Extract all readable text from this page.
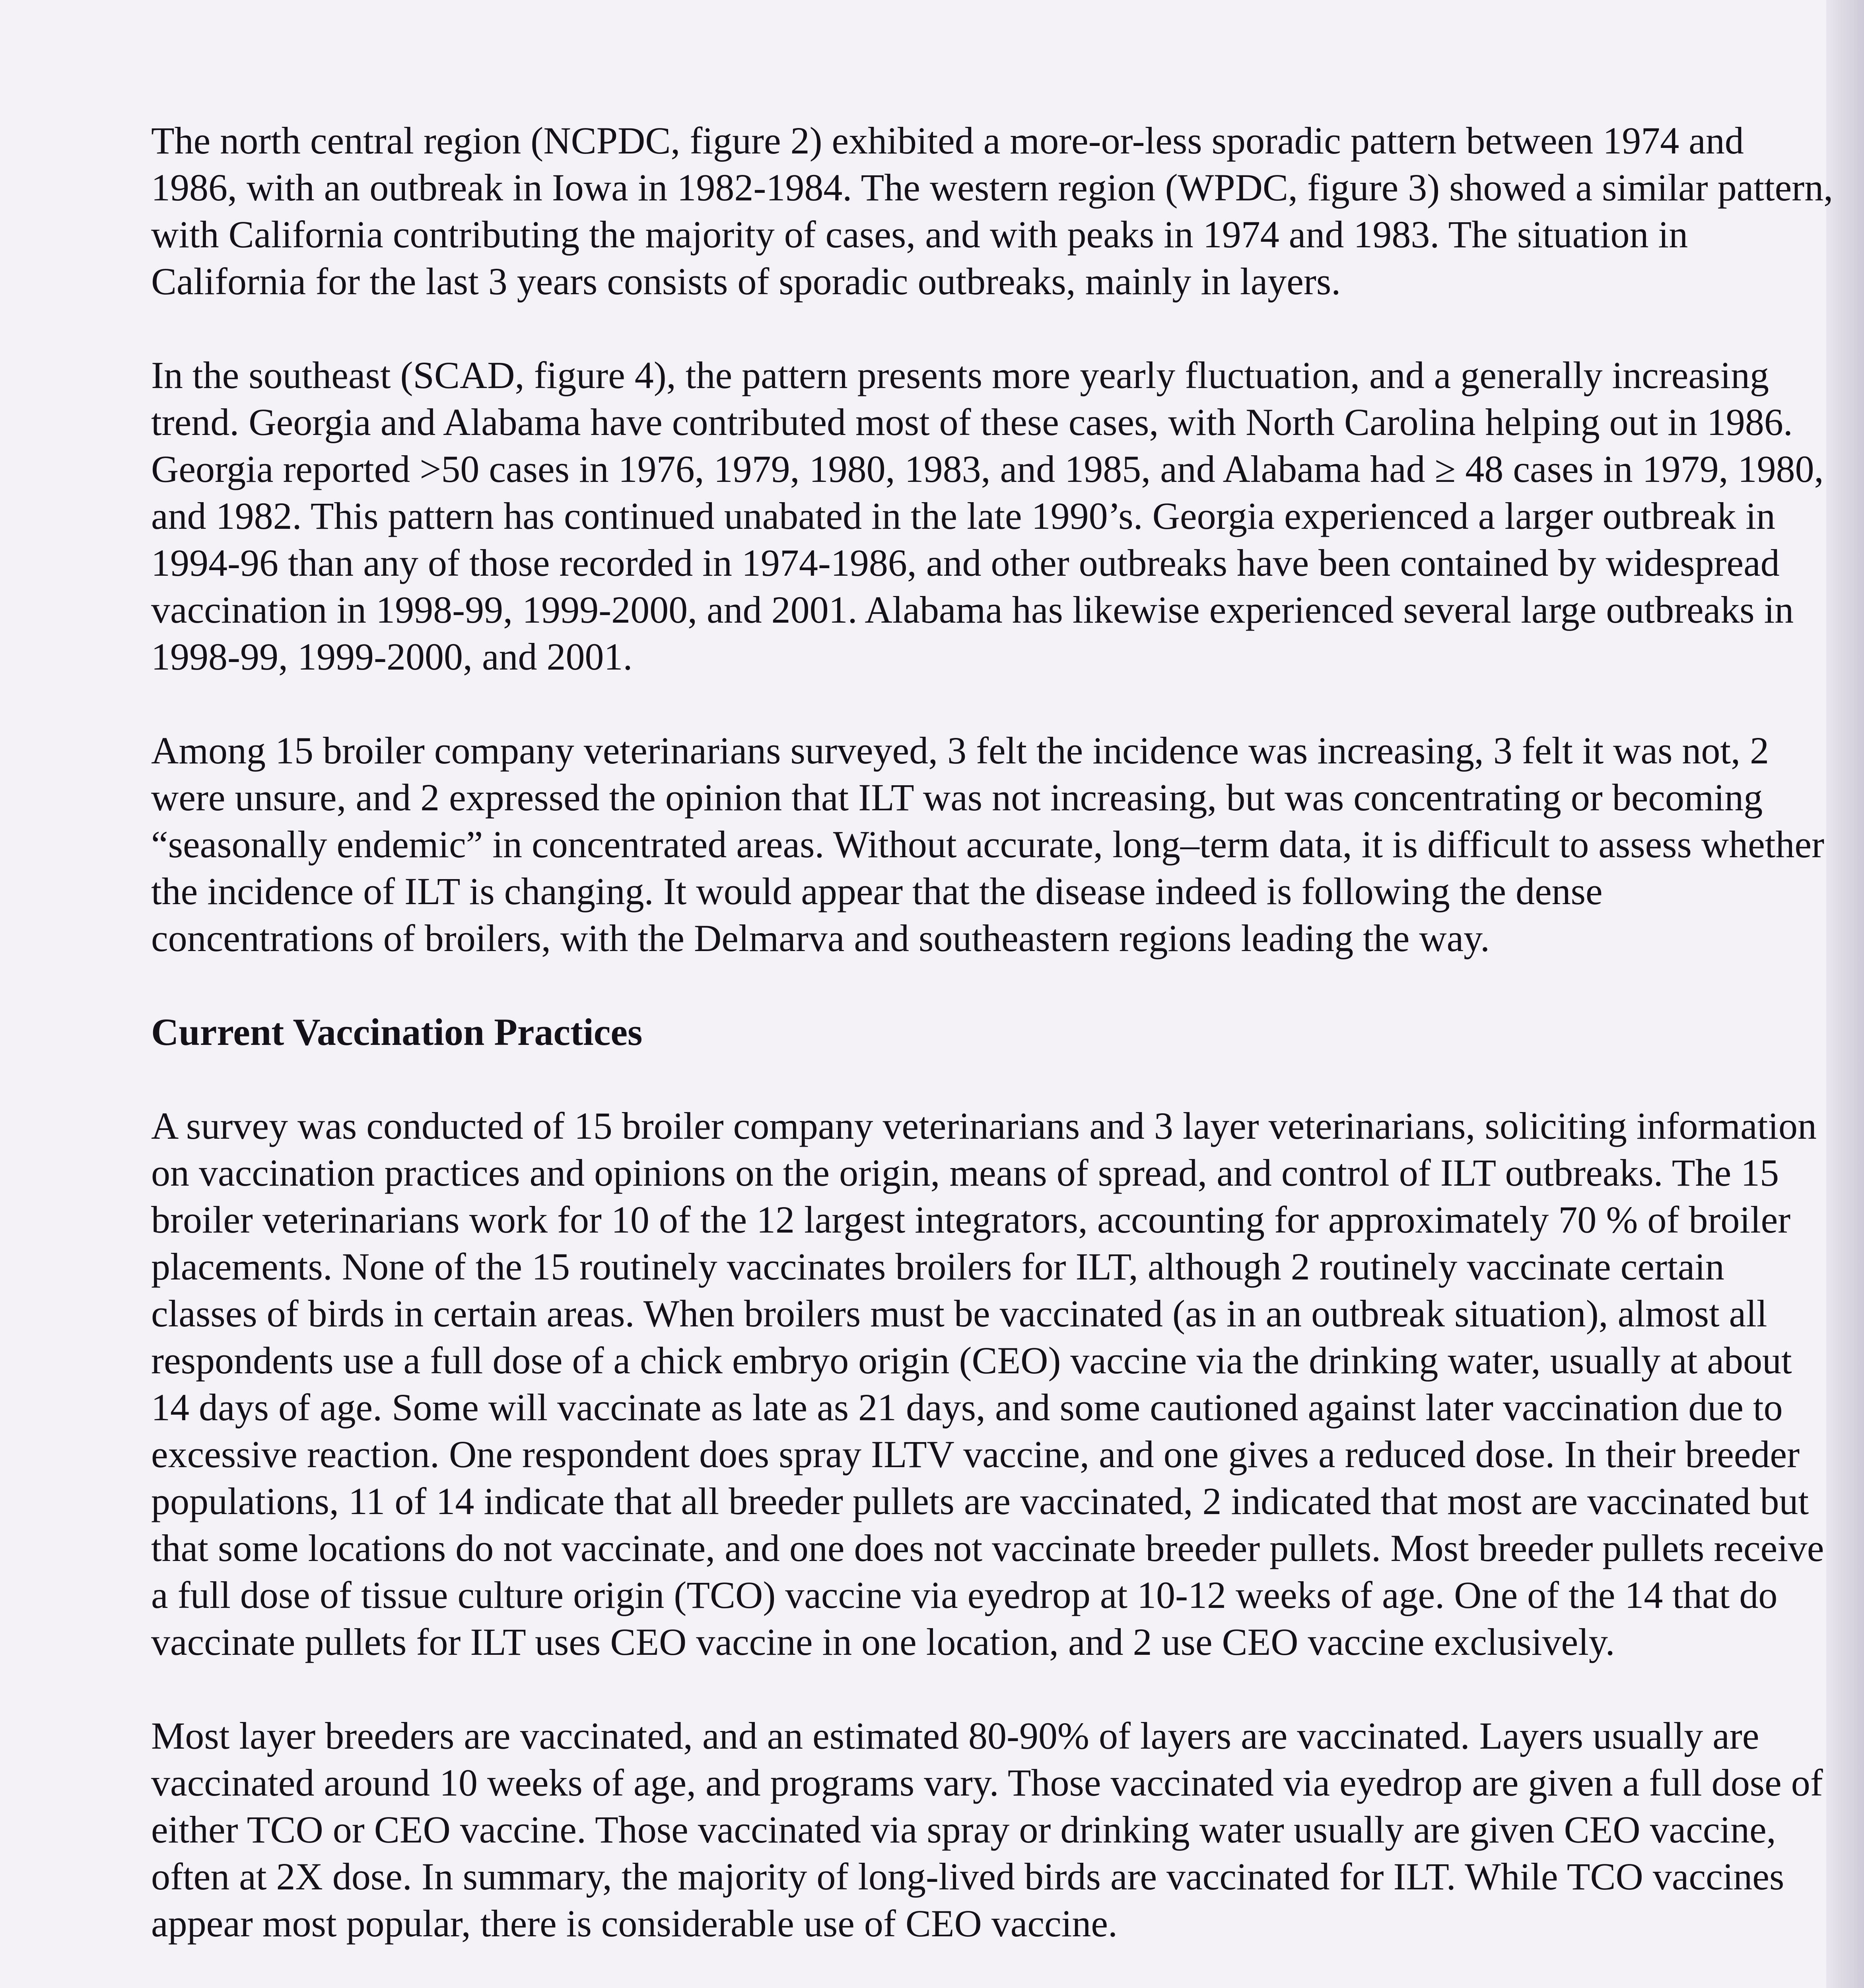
The north central region (NCPDC, figure 2) exhibited a more-or-less sporadic pattern between 1974 and 1986, with an outbreak in Iowa in 1982-1984. The western region (WPDC, figure 3) showed a similar pattern, with California contributing the majority of cases, and with peaks in 1974 and 1983. The situation in California for the last 3 years consists of sporadic outbreaks, mainly in layers.

In the southeast (SCAD, figure 4), the pattern presents more yearly fluctuation, and a generally increasing trend. Georgia and Alabama have contributed most of these cases, with North Carolina helping out in 1986. Georgia reported >50 cases in 1976, 1979, 1980, 1983, and 1985, and Alabama had ≥ 48 cases in 1979, 1980, and 1982. This pattern has continued unabated in the late 1990’s. Georgia experienced a larger outbreak in 1994-96 than any of those recorded in 1974-1986, and other outbreaks have been contained by widespread vaccination in 1998-99, 1999-2000, and 2001. Alabama has likewise experienced several large outbreaks in 1998-99, 1999-2000, and 2001.

Among 15 broiler company veterinarians surveyed, 3 felt the incidence was increasing, 3 felt it was not, 2 were unsure, and 2 expressed the opinion that ILT was not increasing, but was concentrating or becoming “seasonally endemic” in concentrated areas. Without accurate, long–term data, it is difficult to assess whether the incidence of ILT is changing. It would appear that the disease indeed is following the dense concentrations of broilers, with the Delmarva and southeastern regions leading the way.

Current Vaccination Practices

A survey was conducted of 15 broiler company veterinarians and 3 layer veterinarians, soliciting information on vaccination practices and opinions on the origin, means of spread, and control of ILT outbreaks. The 15 broiler veterinarians work for 10 of the 12 largest integrators, accounting for approximately 70 % of broiler placements. None of the 15 routinely vaccinates broilers for ILT, although 2 routinely vaccinate certain classes of birds in certain areas. When broilers must be vaccinated (as in an outbreak situation), almost all respondents use a full dose of a chick embryo origin (CEO) vaccine via the drinking water, usually at about 14 days of age. Some will vaccinate as late as 21 days, and some cautioned against later vaccination due to excessive reaction. One respondent does spray ILTV vaccine, and one gives a reduced dose. In their breeder populations, 11 of 14 indicate that all breeder pullets are vaccinated, 2 indicated that most are vaccinated but that some locations do not vaccinate, and one does not vaccinate breeder pullets. Most breeder pullets receive a full dose of tissue culture origin (TCO) vaccine via eyedrop at 10-12 weeks of age. One of the 14 that do vaccinate pullets for ILT uses CEO vaccine in one location, and 2 use CEO vaccine exclusively.

Most layer breeders are vaccinated, and an estimated 80-90% of layers are vaccinated. Layers usually are vaccinated around 10 weeks of age, and programs vary. Those vaccinated via eyedrop are given a full dose of either TCO or CEO vaccine. Those vaccinated via spray or drinking water usually are given CEO vaccine, often at 2X dose. In summary, the majority of long-lived birds are vaccinated for ILT. While TCO vaccines appear most popular, there is considerable use of CEO vaccine.
